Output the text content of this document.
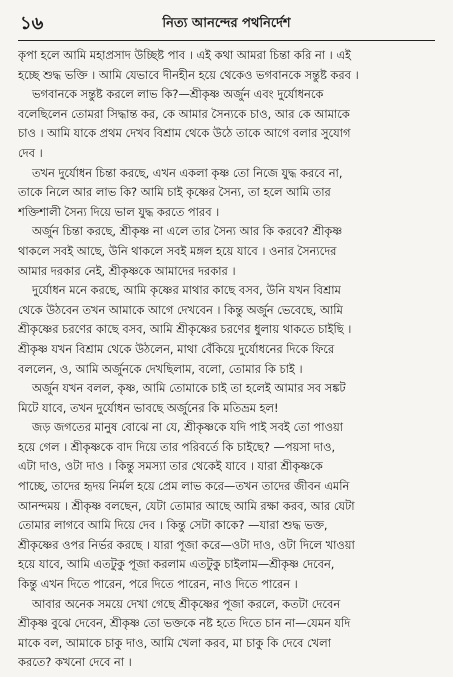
১৬	নিত্য আনন্দের পথনির্দেশ

কৃপা হলে আমি মহাপ্রসাদ উচ্ছিষ্ট পাব । এই কথা আমরা চিন্তা করি না । এই
হচ্ছে শুদ্ধ ভক্তি । আমি যেভাবে দীনহীন হয়ে থেকেও ভগবানকে সন্তুষ্ট করব ।

ভগবানকে সন্তুষ্ট করলে লাভ কি?—শ্রীকৃষ্ণ অর্জুন এবং দুর্যোধনকে
বলেছিলেন তোমরা সিদ্ধান্ত কর, কে আমার সৈন্যকে চাও, আর কে আমাকে
চাও । আমি যাকে প্রথম দেখব বিশ্রাম থেকে উঠে তাকে আগে বলার সুযোগ
দেব ।

তখন দুর্যোধন চিন্তা করছে, এখন একলা কৃষ্ণ তো নিজে যুদ্ধ করবে না,
তাকে নিলে আর লাভ কি? আমি চাই কৃষ্ণের সৈন্য, তা হলে আমি তার
শক্তিশালী সৈন্য দিয়ে ভাল যুদ্ধ করতে পারব ।

অর্জুন চিন্তা করছে, শ্রীকৃষ্ণ না এলে তার সৈন্য আর কি করবে? শ্রীকৃষ্ণ
থাকলে সবই আছে, উনি থাকলে সবই মঙ্গল হয়ে যাবে । ওনার সৈন্যদের
আমার দরকার নেই, শ্রীকৃষ্ণকে আমাদের দরকার ।

দুর্যোধন মনে করছে, আমি কৃষ্ণের মাথার কাছে বসব, উনি যখন বিশ্রাম
থেকে উঠবেন তখন আমাকে আগে দেখবেন । কিন্তু অর্জুন ভেবেছে, আমি
শ্রীকৃষ্ণের চরণের কাছে বসব, আমি শ্রীকৃষ্ণের চরণের ধুলায় থাকতে চাইছি ।
শ্রীকৃষ্ণ যখন বিশ্রাম থেকে উঠলেন, মাথা বেঁকিয়ে দুর্যোধনের দিকে ফিরে
বললেন, ও, আমি অর্জুনকে দেখছিলাম, বলো, তোমার কি চাই ।

অর্জুন যখন বলল, কৃষ্ণ, আমি তোমাকে চাই তা হলেই আমার সব সঙ্কট
মিটে যাবে, তখন দুর্যোধন ভাবছে অর্জুনের কি মতিভ্রম হল!

জড় জগতের মানুষ বোঝে না যে, শ্রীকৃষ্ণকে যদি পাই সবই তো পাওয়া
হয়ে গেল । শ্রীকৃষ্ণকে বাদ দিয়ে তার পরিবর্তে কি চাইছে? —পয়সা দাও,
এটা দাও, ওটা দাও । কিন্তু সমস্যা তার থেকেই যাবে । যারা শ্রীকৃষ্ণকে
পাচ্ছে, তাদের হৃদয় নির্মল হয়ে প্রেম লাভ করে—তখন তাদের জীবন এমনি
আনন্দময় । শ্রীকৃষ্ণ বলছেন, যেটা তোমার আছে আমি রক্ষা করব, আর যেটা
তোমার লাগবে আমি দিয়ে দেব । কিন্তু সেটা কাকে? —যারা শুদ্ধ ভক্ত,
শ্রীকৃষ্ণের ওপর নির্ভর করছে । যারা পূজা করে—ওটা দাও, ওটা দিলে খাওয়া
হয়ে যাবে, আমি এতটুকু পূজা করলাম এতটুকু চাইলাম—শ্রীকৃষ্ণ দেবেন,
কিন্তু এখন দিতে পারেন, পরে দিতে পারেন, নাও দিতে পারেন ।

আবার অনেক সময়ে দেখা গেছে শ্রীকৃষ্ণের পূজা করলে, কতটা দেবেন
শ্রীকৃষ্ণ বুঝে দেবেন, শ্রীকৃষ্ণ তো ভক্তকে নষ্ট হতে দিতে চান না—যেমন যদি
মাকে বল, আমাকে চাকু দাও, আমি খেলা করব, মা চাকু কি দেবে খেলা
করতে? কখনো দেবে না ।
